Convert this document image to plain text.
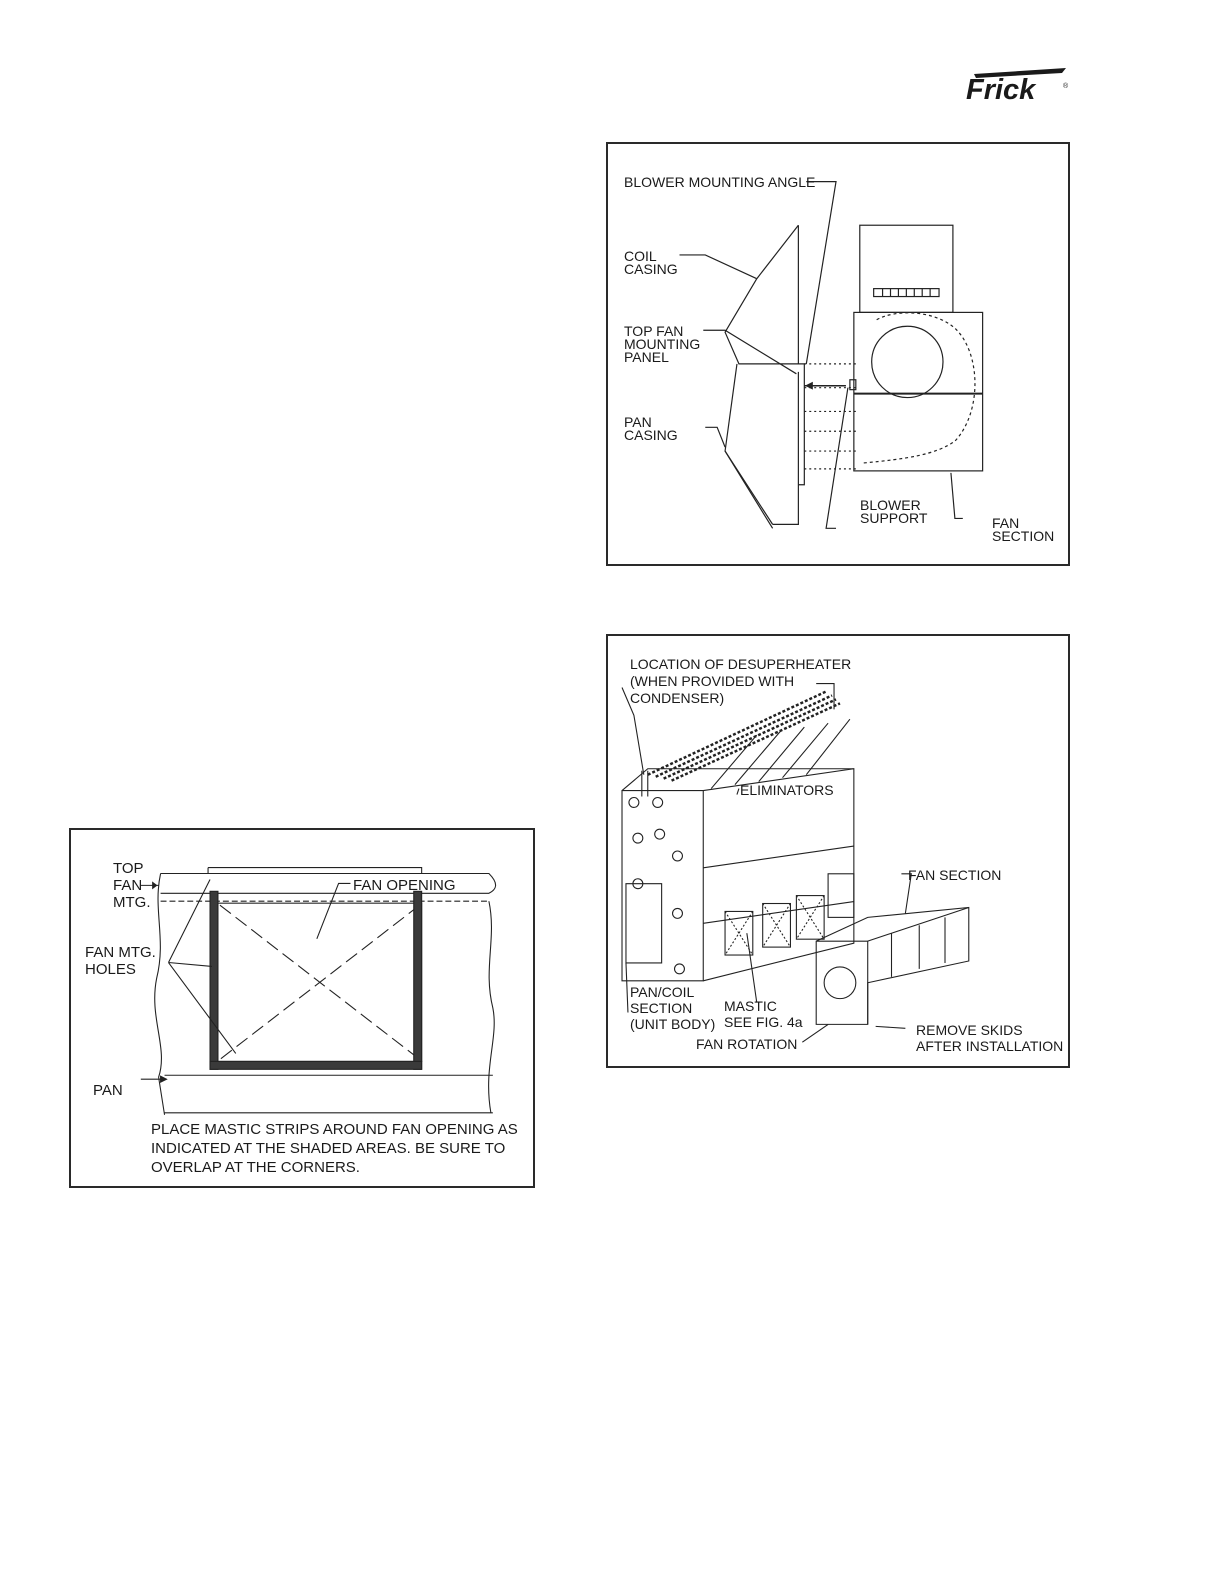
Frick	®
BLOWER MOUNTING ANGLE
COIL
CASING
TOP FAN
MOUNTING
PANEL
PAN
CASING
BLOWER
SUPPORT	FAN
SECTION
LOCATION OF DESUPERHEATER
(WHEN PROVIDED WITH
CONDENSER)
ELIMINATORS
FAN SECTION
PAN/COIL
SECTION
(UNIT BODY)
MASTIC
SEE FIG. 4a
FAN ROTATION
REMOVE SKIDS
AFTER INSTALLATION
TOP
FAN
MTG.
FAN OPENING
FAN MTG.
HOLES
PAN
PLACE MASTIC STRIPS AROUND FAN OPENING AS INDICATED AT THE SHADED AREAS. BE SURE TO OVERLAP AT THE CORNERS.
